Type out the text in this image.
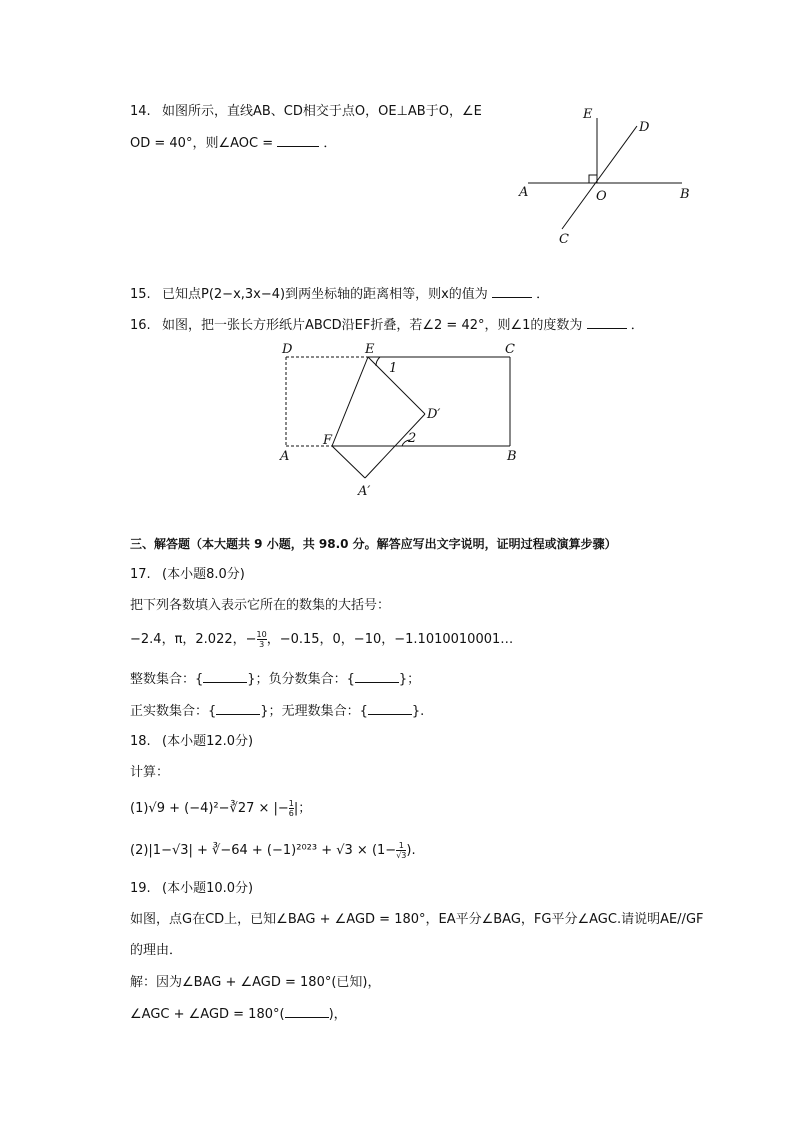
14. 如图所示，直线AB、CD相交于点O，OE⊥AB于O，∠E
OD = 40°，则∠AOC =	．
E
D
A	O	B
C
15. 已知点P(2−x,3x−4)到两坐标轴的距离相等，则x的值为	．
16. 如图，把一张长方形纸片ABCD沿EF折叠，若∠2 = 42°，则∠1的度数为	．
D	E	C
1
D′
F	2
A	B
A′
三、解答题（本大题共 9 小题，共 98.0 分。解答应写出文字说明，证明过程或演算步骤）
17. (本小题8.0分)
把下列各数填入表示它所在的数集的大括号：
−2.4，π，2.022，− $\frac{10}{3}$ ，−0.15，0，−10，−1.1010010001…
整数集合：{	}；负分数集合：{	}；
正实数集合：{	}；无理数集合：{	}.
18. (本小题12.0分)
计算：
(1)√9 + (−4)²−∛27 × |− $\frac{1}{6}$ |；
(2)|1−√3| + ∛−64 + $(-1)^{2023} + √3 \times (1- \frac{1}{√3}$ ).
19. (本小题10.0分)
如图，点G在CD上，已知∠BAG + ∠AGD = 180°，EA平分∠BAG，FG平分∠AGC.请说明AE//GF
的理由．
解：因为∠BAG + ∠AGD = 180°(已知)，
∠AGC + ∠AGD = 180°(	)，
